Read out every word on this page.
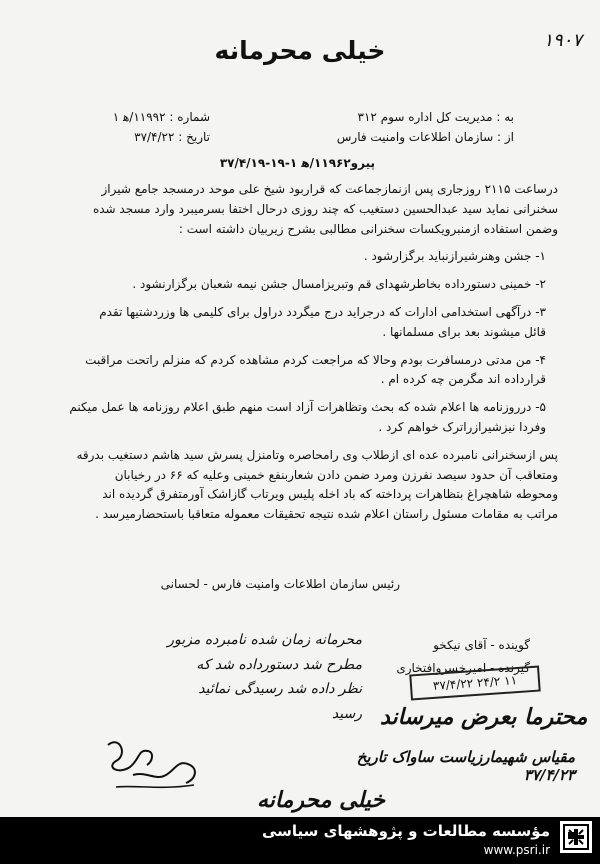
خیلی محرمانه	۱۹۰۷
به : مدیریت کل اداره سوم ۳۱۲
از : سازمان اطلاعات وامنیت فارس
شماره : ۱۱۹۹۲/ه‍ ۱
تاریخ : ۳۷/۴/۲۲
پیرو۱۱۹۶۲/ه‍ ۱-۱۹-۳۷/۴/۱۹

درساعت ۲۱۱۵ روزجاری پس ازنمازجماعت که قراربود شیخ علی موحد درمسجد جامع شیراز
سخنرانی نماید سید عبدالحسین دستغیب که چند روزی درحال اختفا بسرمیبرد وارد مسجد شده
وضمن استفاده ازمنبرویکسات سخنرانی مطالبی بشرح زیربیان داشته است :

۱- جشن وهنرشیرازنباید برگزارشود .

۲- خمینی دستورداده بخاطرشهدای قم وتبریزامسال جشن نیمه شعبان برگزارنشود .

۳- درآگهی استخدامی ادارات که درجراید درج میگردد دراول برای کلیمی ها وزردشتیها تقدم
قائل میشوند بعد برای مسلمانها .

۴- من مدتی درمسافرت بودم وحالا که مراجعت کردم مشاهده کردم که منزلم راتحت مراقبت
قرارداده اند مگرمن چه کرده ام .

۵- درروزنامه ها اعلام شده که بحث وتظاهرات آزاد است منهم طبق اعلام روزنامه ها عمل میکنم
وفردا نیزشیرازراترک خواهم کرد .

پس ازسخنرانی نامبرده عده ای ازطلاب وی رامحاصره وتامنزل پسرش سید هاشم دستغیب بدرقه
ومتعاقب آن حدود سیصد نفرزن ومرد ضمن دادن شعاربنفع خمینی وعلیه که ۶۶ در رخیابان
ومحوطه شاهچراغ بتظاهرات پرداخته که باد اخله پلیس ویرتاب گازاشک آورمتفرق گردیده اند
مراتب به مقامات مسئول راستان اعلام شده نتیجه تحقیقات معموله متعاقبا باستحضارمیرسد .

رئیس سازمان اطلاعات وامنیت فارس - لحسانی
گوینده - آقای نیکخو
گیرنده - امیرخسروافتخاری
۳۷/۴/۲۲ ۲۴/۲ ۱۱
محرمانه زمان شده نامبرده مزبور
مطرح شد دستورداده شد که
نظر داده شد رسیدگی نمائید
رسید محترما بعرض میرساند
مقیاس شهیمارزیاست ساواک تاریخ ۳۷/۴/۲۳
خیلی محرمانه
مؤسسه مطالعات و پژوهشهای سیاسی
www.psri.ir
